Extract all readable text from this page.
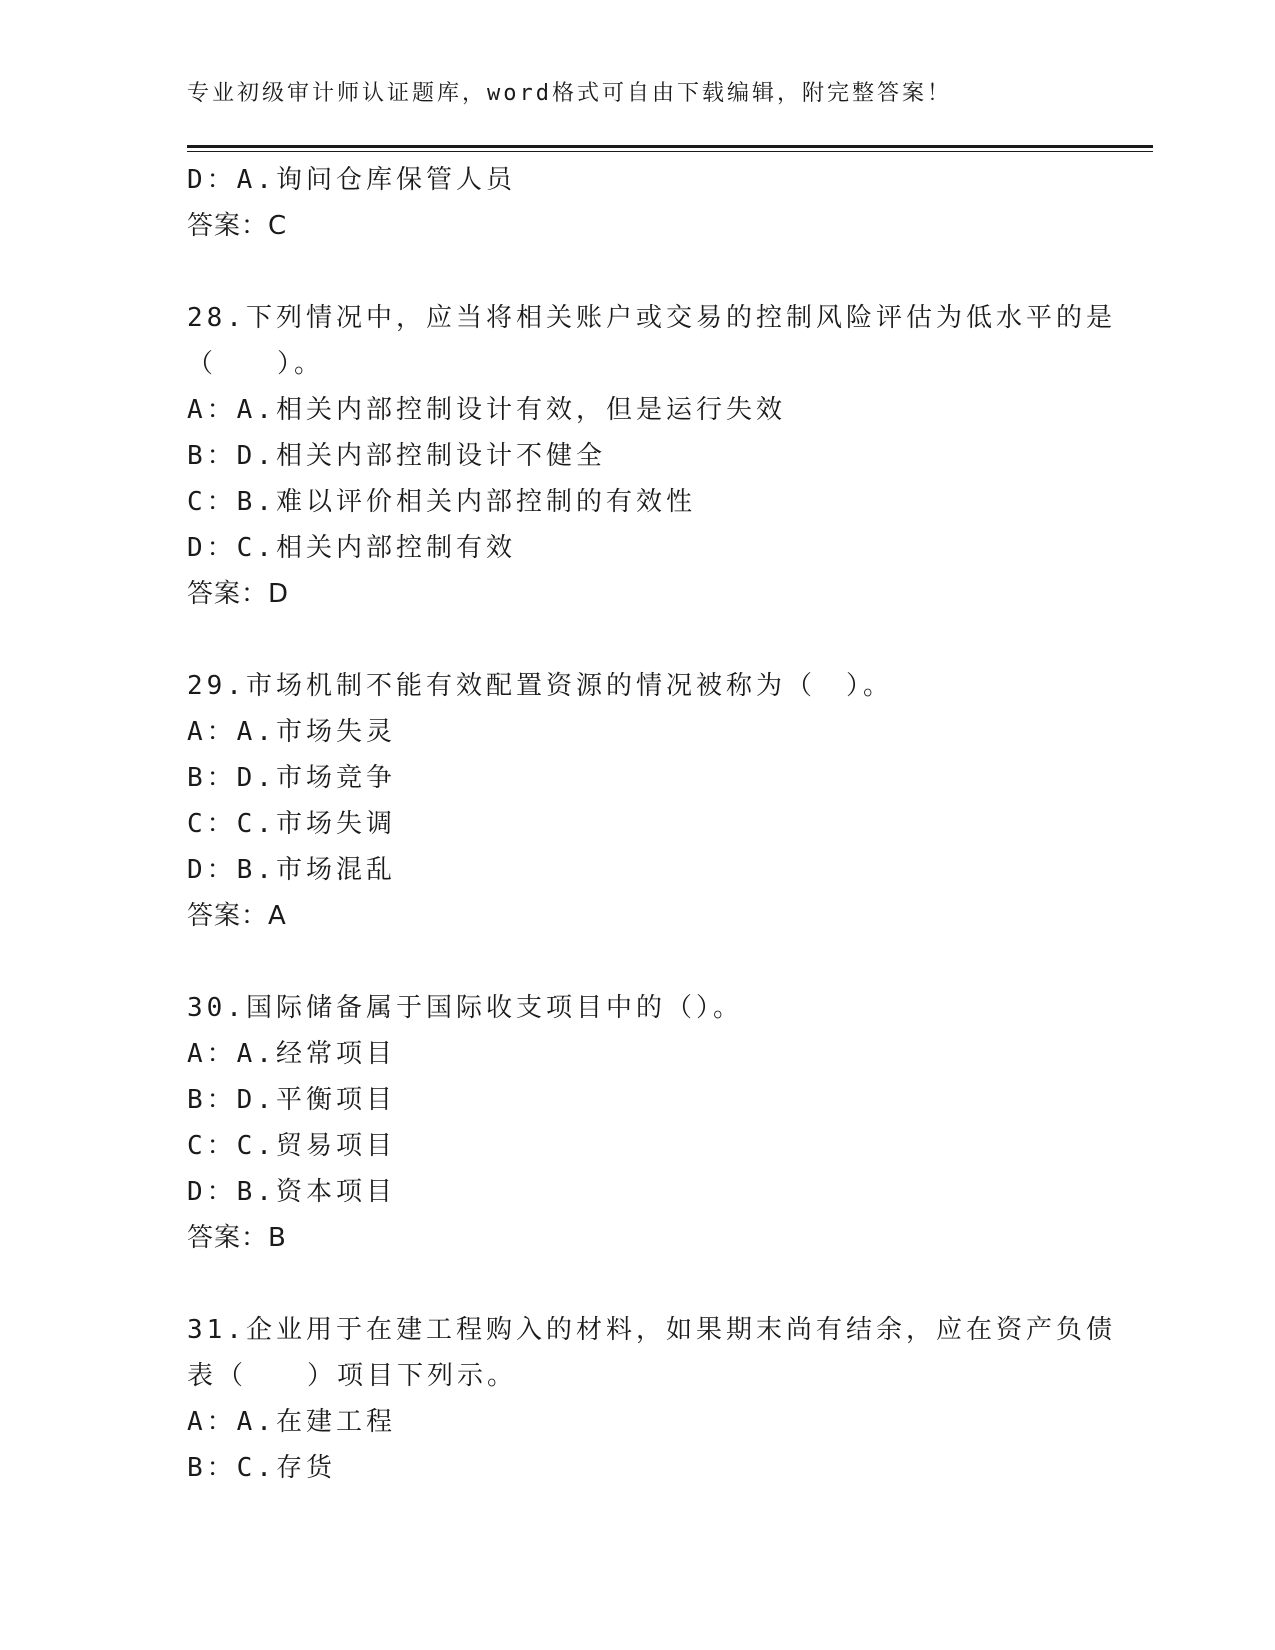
专业初级审计师认证题库，word格式可自由下载编辑，附完整答案！
D：A.询问仓库保管人员
答案：C
28.下列情况中，应当将相关账户或交易的控制风险评估为低水平的是
（　　）。
A：A.相关内部控制设计有效，但是运行失效
B：D.相关内部控制设计不健全
C：B.难以评价相关内部控制的有效性
D：C.相关内部控制有效
答案：D
29.市场机制不能有效配置资源的情况被称为（　）。
A：A.市场失灵
B：D.市场竞争
C：C.市场失调
D：B.市场混乱
答案：A
30.国际储备属于国际收支项目中的（）。
A：A.经常项目
B：D.平衡项目
C：C.贸易项目
D：B.资本项目
答案：B
31.企业用于在建工程购入的材料，如果期末尚有结余，应在资产负债
表（　　）项目下列示。
A：A.在建工程
B：C.存货
